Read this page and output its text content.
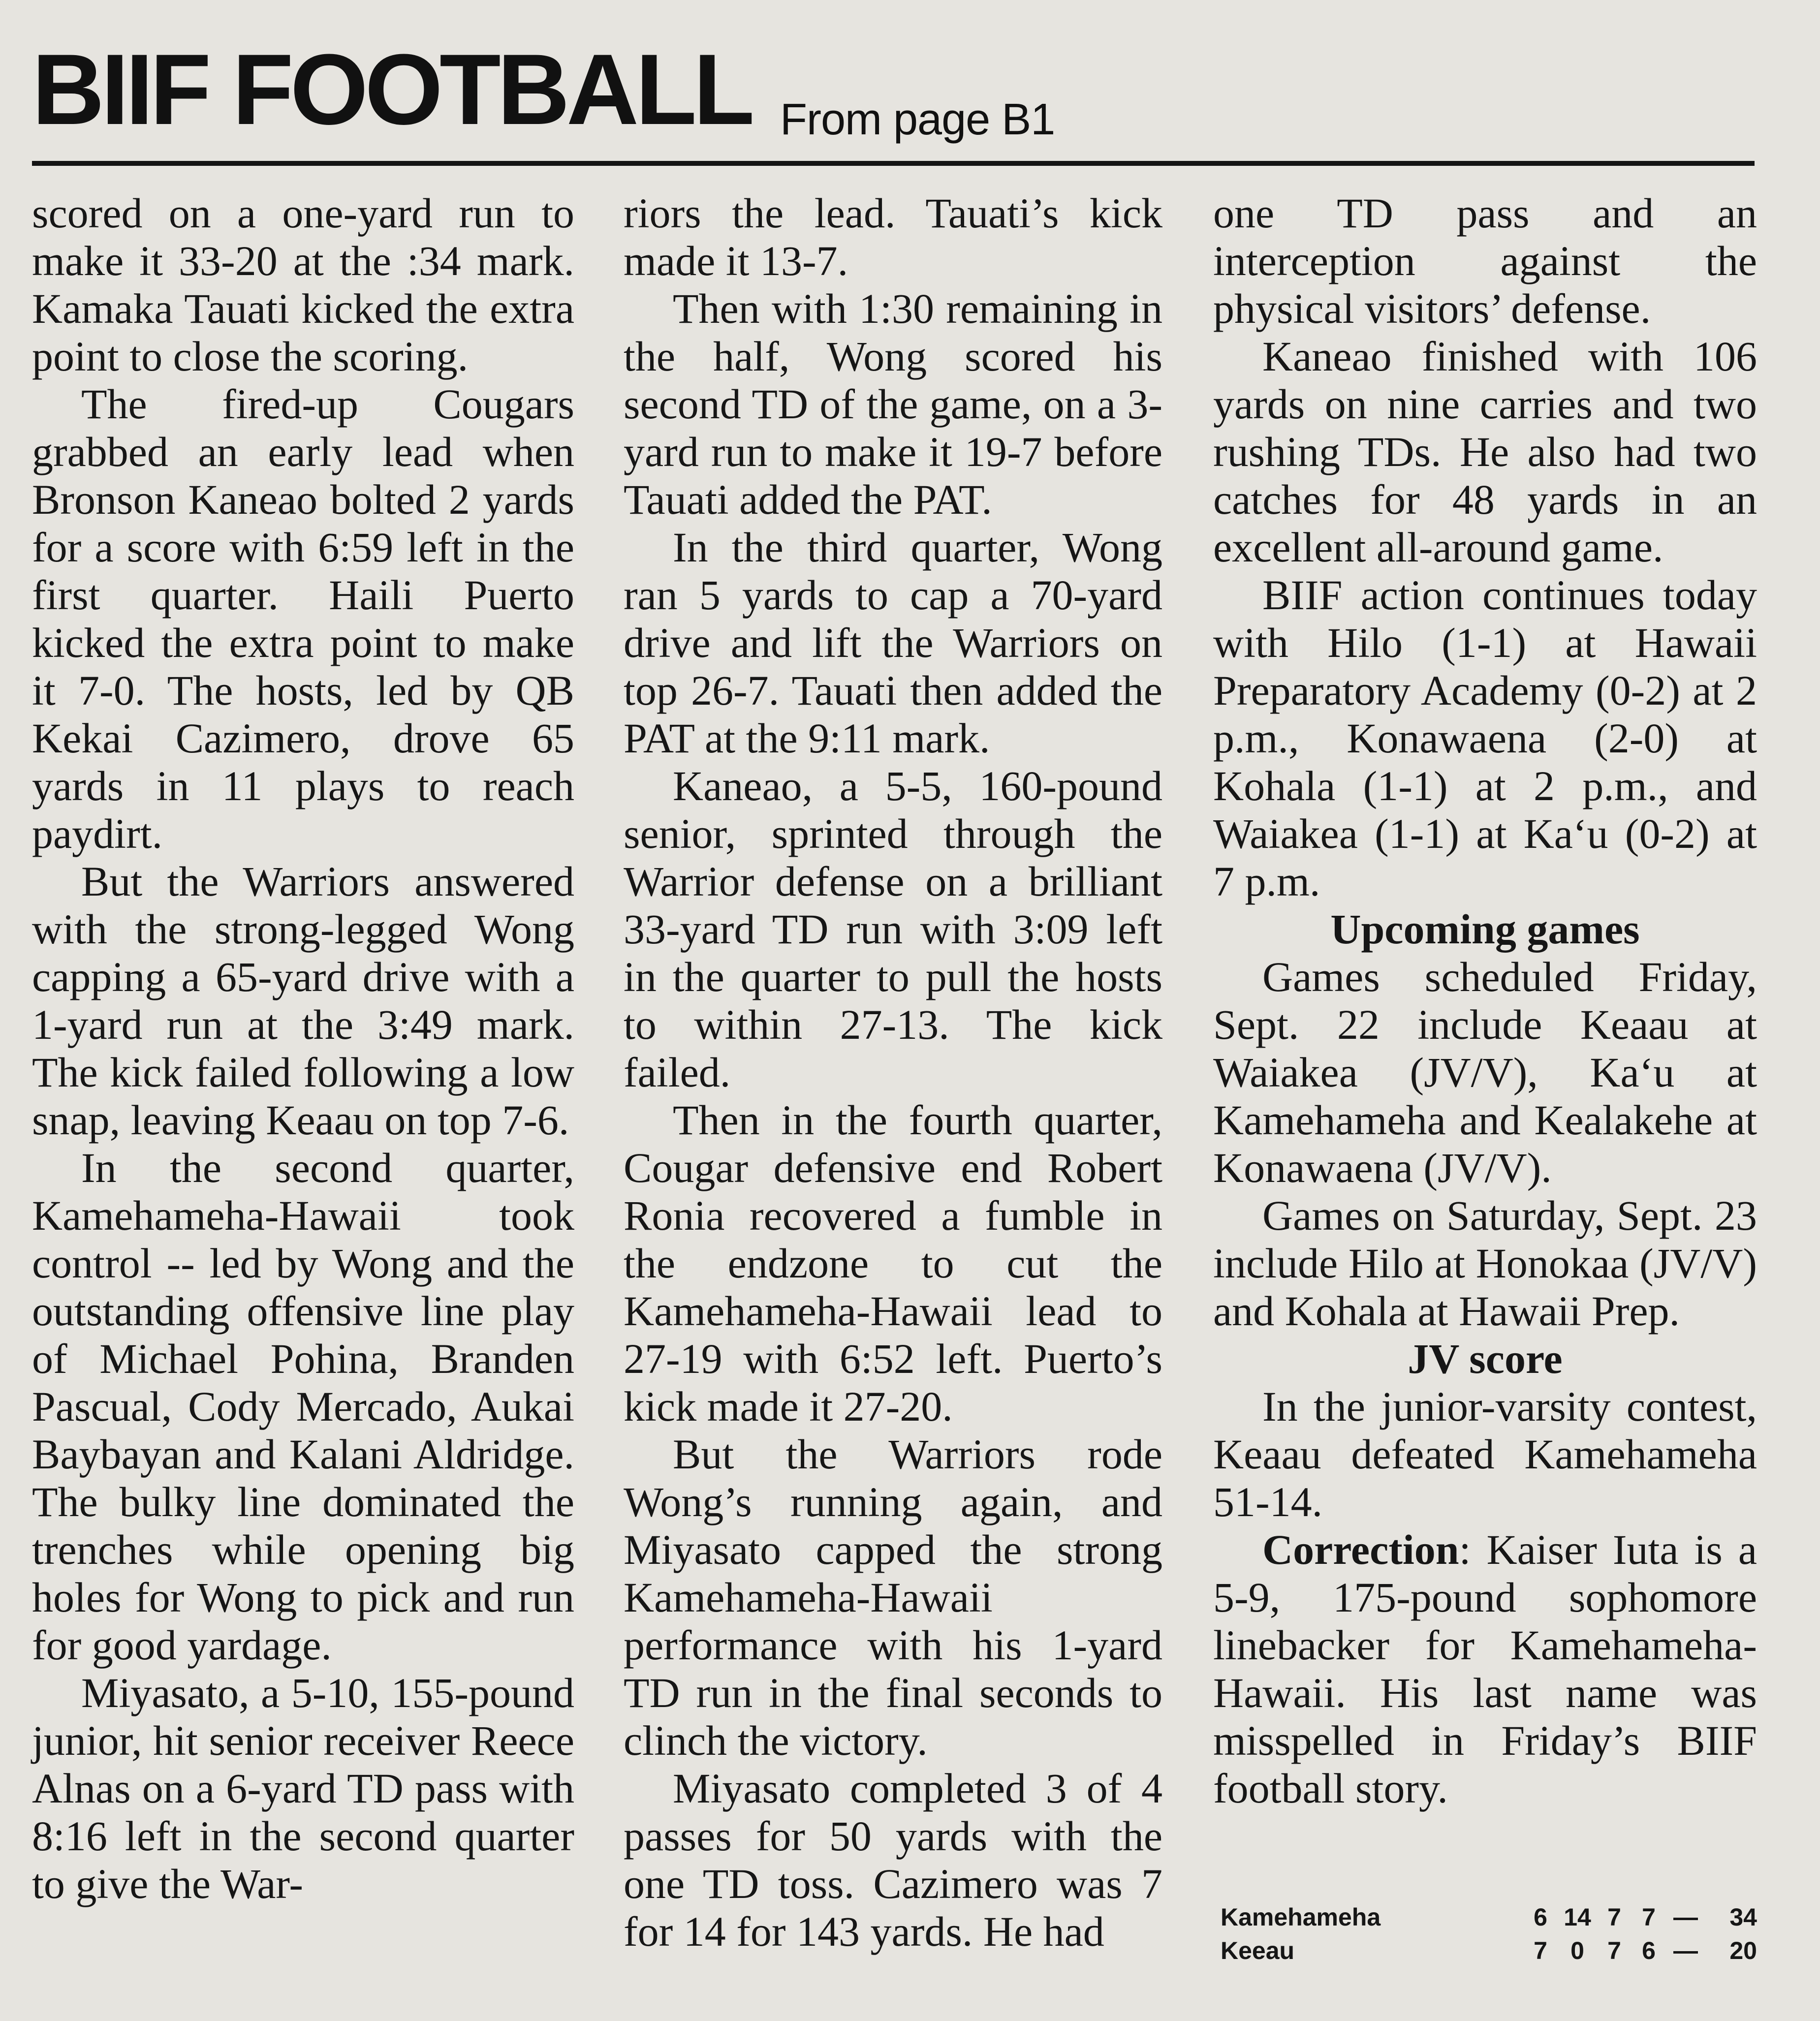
BIIF FOOTBALL From page B1

scored on a one-yard run to make it 33-20 at the :34 mark. Kamaka Tauati kicked the extra point to close the scoring.

The fired-up Cougars grabbed an early lead when Bronson Kaneao bolted 2 yards for a score with 6:59 left in the first quarter. Haili Puerto kicked the extra point to make it 7-0. The hosts, led by QB Kekai Cazimero, drove 65 yards in 11 plays to reach paydirt.

But the Warriors answered with the strong-legged Wong capping a 65-yard drive with a 1-yard run at the 3:49 mark. The kick failed following a low snap, leaving Keaau on top 7-6.

In the second quarter, Kamehameha-Hawaii took control -- led by Wong and the outstanding offensive line play of Michael Pohina, Branden Pascual, Cody Mercado, Aukai Baybayan and Kalani Aldridge. The bulky line dominated the trenches while opening big holes for Wong to pick and run for good yardage.

Miyasato, a 5-10, 155-pound junior, hit senior receiver Reece Alnas on a 6-yard TD pass with 8:16 left in the second quarter to give the War-

riors the lead. Tauati’s kick made it 13-7.

Then with 1:30 remaining in the half, Wong scored his second TD of the game, on a 3-yard run to make it 19-7 before Tauati added the PAT.

In the third quarter, Wong ran 5 yards to cap a 70-yard drive and lift the Warriors on top 26-7. Tauati then added the PAT at the 9:11 mark.

Kaneao, a 5-5, 160-pound senior, sprinted through the Warrior defense on a brilliant 33-yard TD run with 3:09 left in the quarter to pull the hosts to within 27-13. The kick failed.

Then in the fourth quarter, Cougar defensive end Robert Ronia recovered a fumble in the endzone to cut the Kamehameha-Hawaii lead to 27-19 with 6:52 left. Puerto’s kick made it 27-20.

But the Warriors rode Wong’s running again, and Miyasato capped the strong Kamehameha-Hawaii performance with his 1-yard TD run in the final seconds to clinch the victory.

Miyasato completed 3 of 4 passes for 50 yards with the one TD toss. Cazimero was 7 for 14 for 143 yards. He had

one TD pass and an interception against the physical visitors’ defense.

Kaneao finished with 106 yards on nine carries and two rushing TDs. He also had two catches for 48 yards in an excellent all-around game.

BIIF action continues today with Hilo (1-1) at Hawaii Preparatory Academy (0-2) at 2 p.m., Konawaena (2-0) at Kohala (1-1) at 2 p.m., and Waiakea (1-1) at Ka‘u (0-2) at 7 p.m.

Upcoming games

Games scheduled Friday, Sept. 22 include Keaau at Waiakea (JV/V), Ka‘u at Kamehameha and Kealakehe at Konawaena (JV/V).

Games on Saturday, Sept. 23 include Hilo at Honokaa (JV/V) and Kohala at Hawaii Prep.

JV score

In the junior-varsity contest, Keaau defeated Kamehameha 51-14.

Correction: Kaiser Iuta is a 5-9, 175-pound sophomore linebacker for Kamehameha-Hawaii. His last name was misspelled in Friday’s BIIF football story.

Kamehameha	6 14 7 7 — 34
Keeau	7 0 7 6 — 20
